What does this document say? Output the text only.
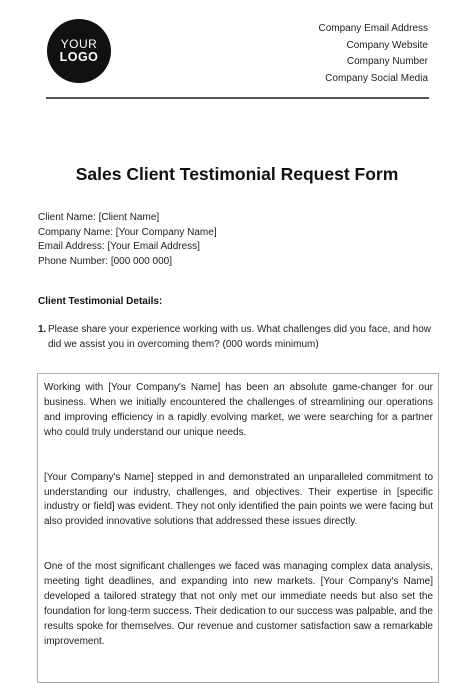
YOUR
LOGO
Company Email Address
Company Website
Company Number
Company Social Media
Sales Client Testimonial Request Form
Client Name: [Client Name]
Company Name: [Your Company Name]
Email Address: [Your Email Address]
Phone Number: [000 000 000]
Client Testimonial Details:
1. Please share your experience working with us. What challenges did you face, and how did we assist you in overcoming them? (000 words minimum)

Working with [Your Company's Name] has been an absolute game-changer for our business. When we initially encountered the challenges of streamlining our operations and improving efficiency in a rapidly evolving market, we were searching for a partner who could truly understand our unique needs.

[Your Company's Name] stepped in and demonstrated an unparalleled commitment to understanding our industry, challenges, and objectives. Their expertise in [specific industry or field] was evident. They not only identified the pain points we were facing but also provided innovative solutions that addressed these issues directly.

One of the most significant challenges we faced was managing complex data analysis, meeting tight deadlines, and expanding into new markets. [Your Company's Name] developed a tailored strategy that not only met our immediate needs but also set the foundation for long-term success. Their dedication to our success was palpable, and the results spoke for themselves. Our revenue and customer satisfaction saw a remarkable improvement.
